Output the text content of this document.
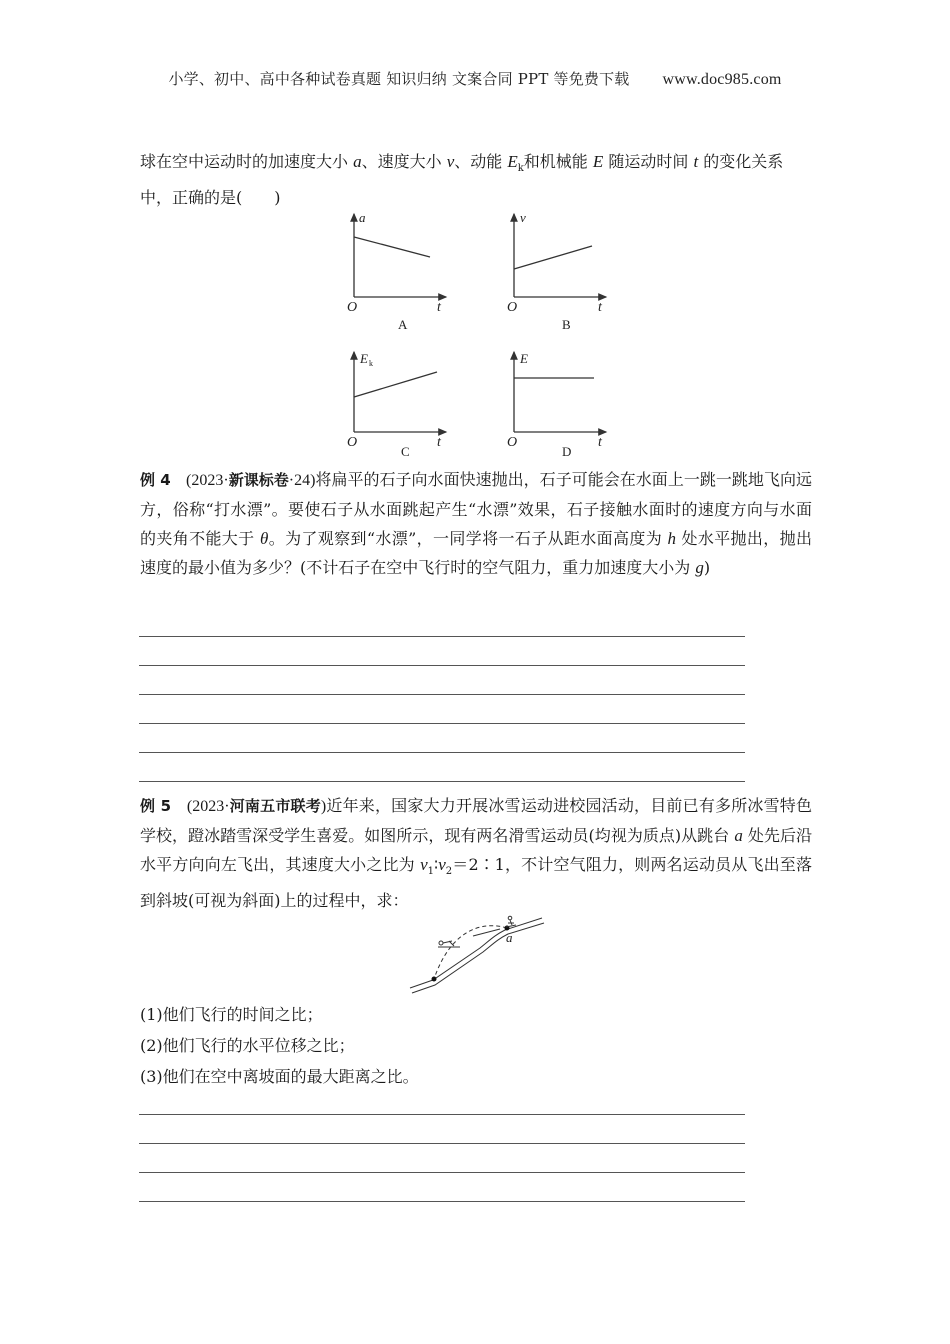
小学、初中、高中各种试卷真题 知识归纳 文案合同 PPT 等免费下载 www.doc985.com
球在空中运动时的加速度大小 a、速度大小 v、动能 $E_k$和机械能 E 随运动时间 t 的变化关系
中，正确的是(　　)
a
O	t
A
v
O	t
B
E k
O	t
C
E
O	t
D
例 4 (2023·新课标卷·24)将扁平的石子向水面快速抛出，石子可能会在水面上一跳一跳地飞向远方，俗称“打水漂”。要使石子从水面跳起产生“水漂”效果，石子接触水面时的速度方向与水面的夹角不能大于 θ。为了观察到“水漂”，一同学将一石子从距水面高度为 h 处水平抛出，抛出速度的最小值为多少？(不计石子在空中飞行时的空气阻力，重力加速度大小为 g)
例 5 (2023·河南五市联考)近年来，国家大力开展冰雪运动进校园活动，目前已有多所冰雪特色学校，蹬冰踏雪深受学生喜爱。如图所示，现有两名滑雪运动员(均视为质点)从跳台 a 处先后沿水平方向向左飞出，其速度大小之比为 $v_1∶v_2=2∶1$，不计空气阻力，则两名运动员从飞出至落到斜坡(可视为斜面)上的过程中，求：
a
(1)他们飞行的时间之比；
(2)他们飞行的水平位移之比；
(3)他们在空中离坡面的最大距离之比。
